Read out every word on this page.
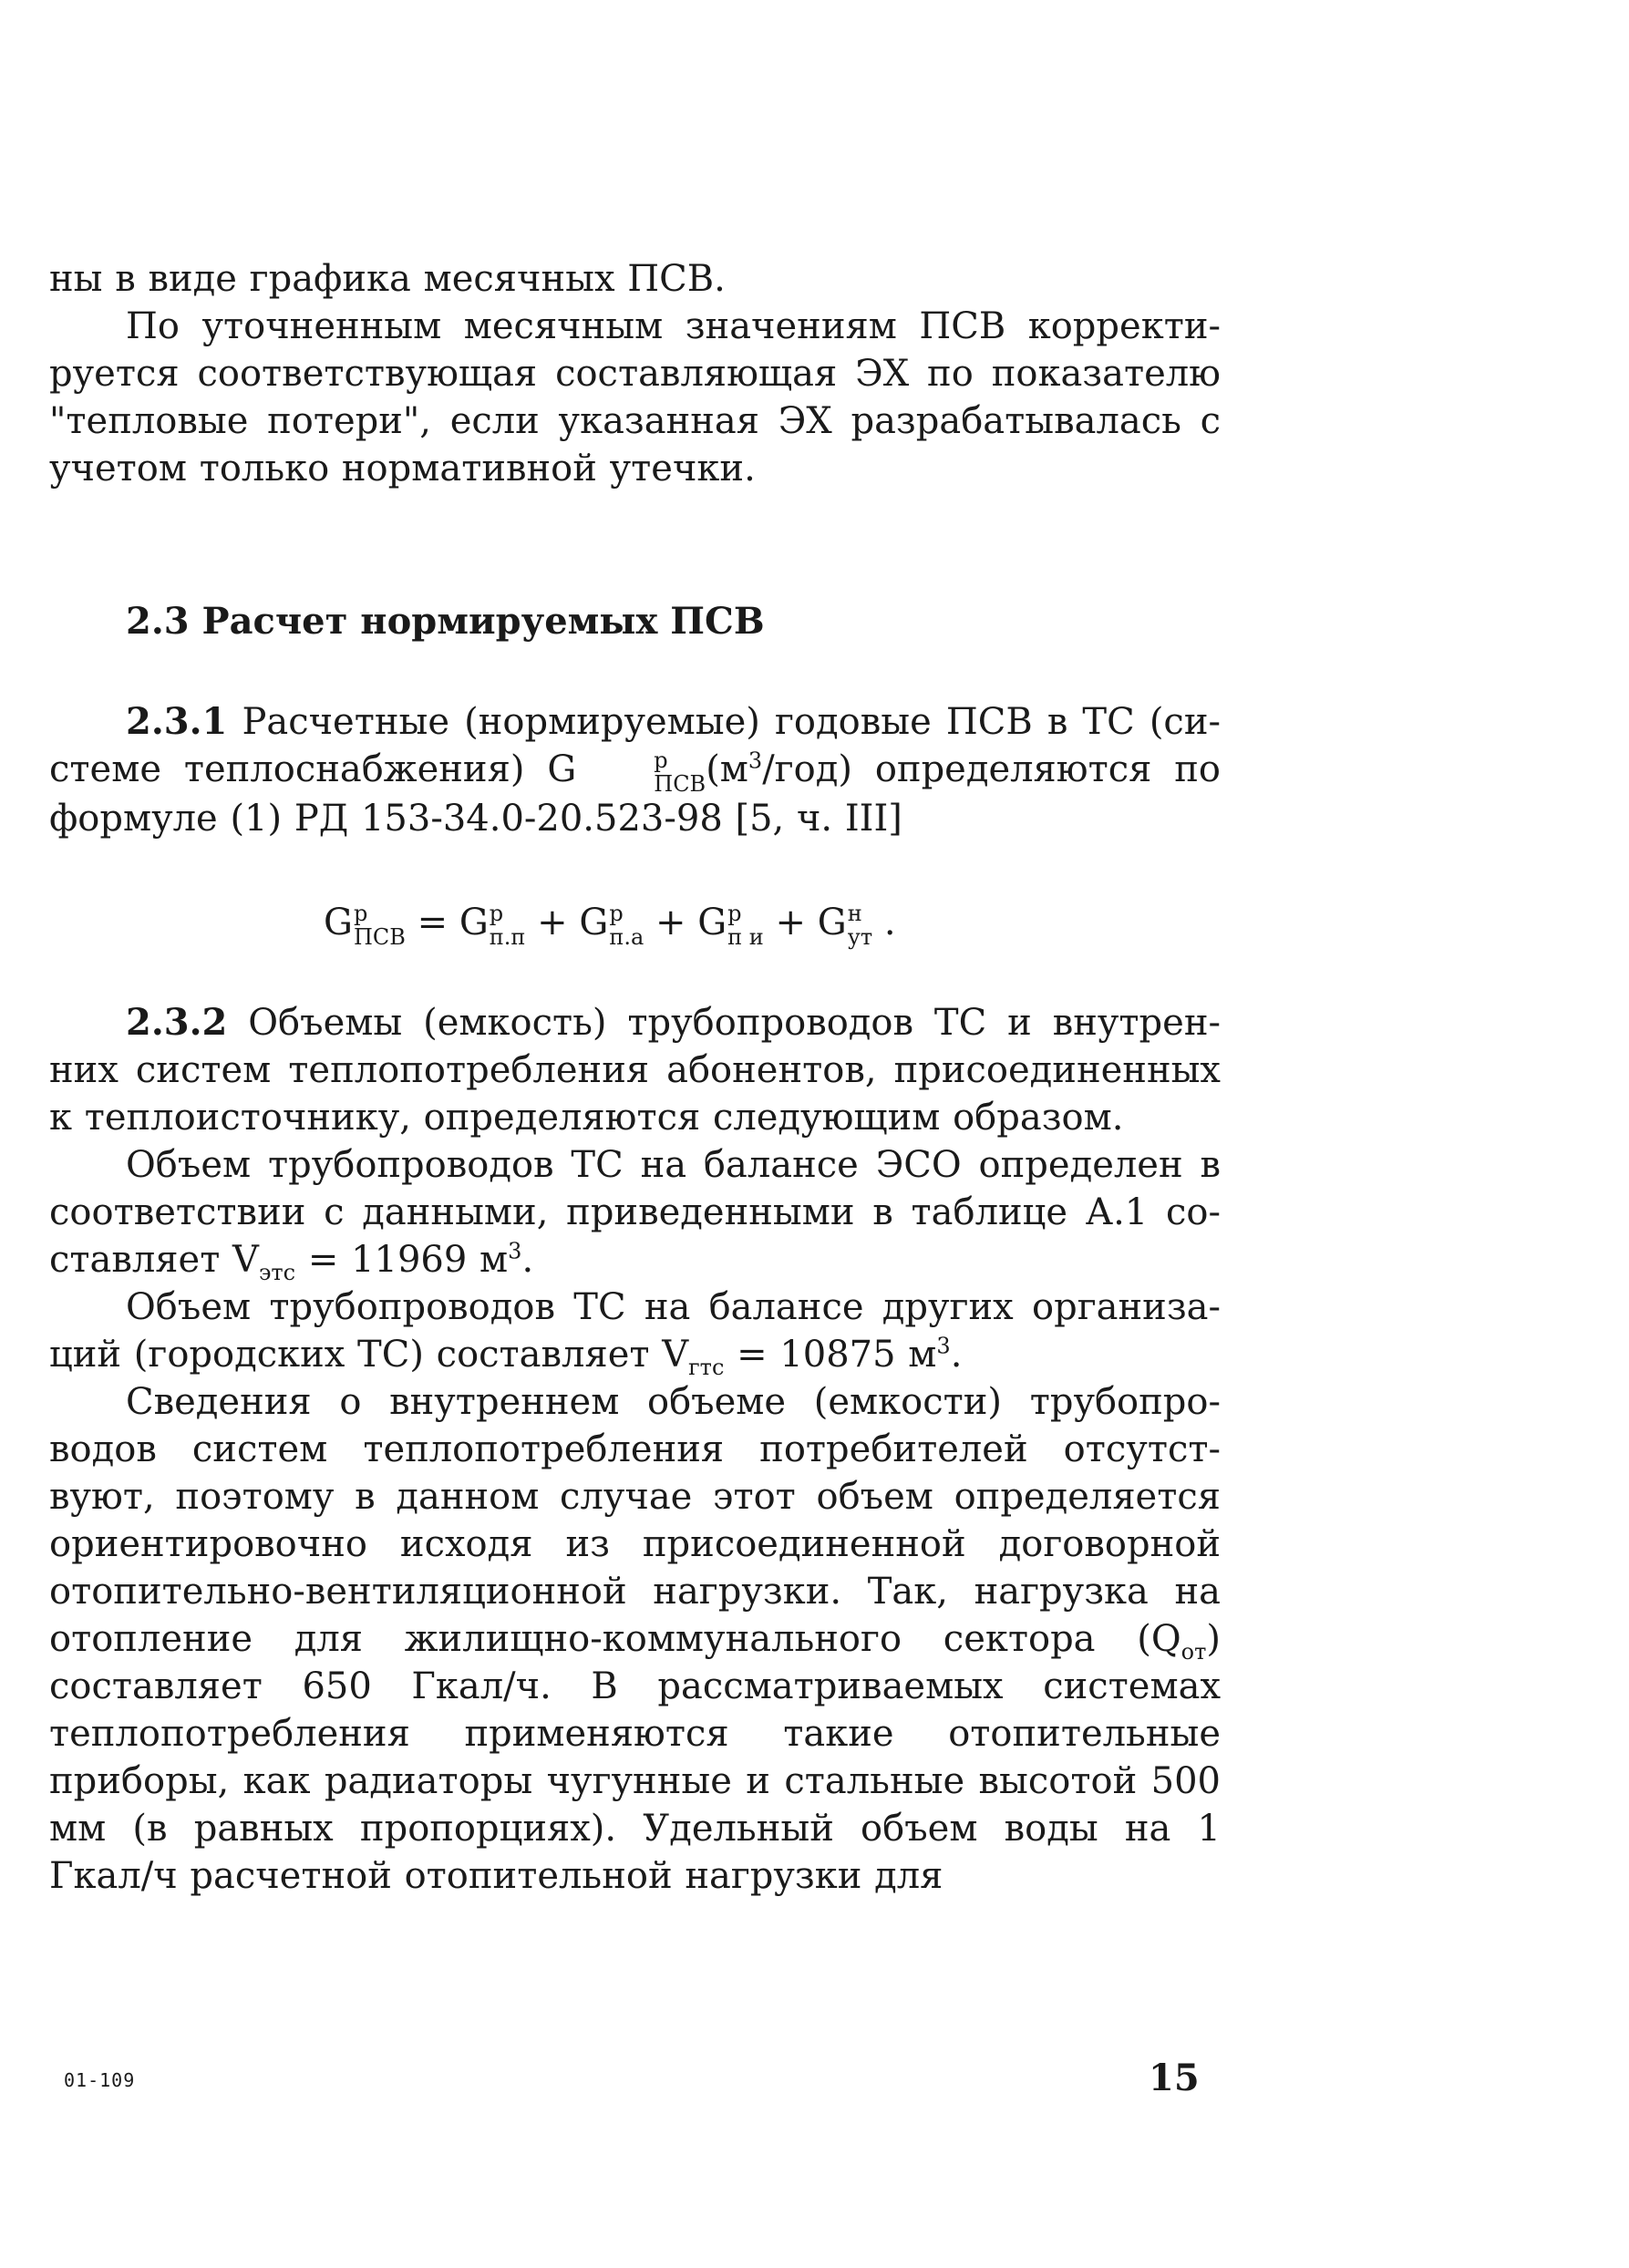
ны в виде графика месячных ПСВ.

По уточненным месячным значениям ПСВ корректируется соответствующая составляющая ЭХ по показателю "тепловые потери", если указанная ЭХ разрабатывалась с учетом только нормативной утечки.

2.3 Расчет нормируемых ПСВ

2.3.1 Расчетные (нормируемые) годовые ПСВ в ТС (системе теплоснабжения) G	p
ПСВ $(м^3/год)$ определяются по формуле (1) РД 153-34.0-20.523-98 [5, ч. III]

G p
ПСВ = G p
п.п + G p
п.а + G p
п и + G н
ут .

2.3.2 Объемы (емкость) трубопроводов ТС и внутренних систем теплопотребления абонентов, присоединенных к теплоисточнику, определяются следующим образом.

Объем трубопроводов ТС на балансе ЭСО определен в соответствии с данными, приведенными в таблице А.1 составляет $V_{этс} = 11969$ $м^3$.

Объем трубопроводов ТС на балансе других организаций (городских ТС) составляет $V_{гтс} = 10875$ $м^3$.

Сведения о внутреннем объеме (емкости) трубопроводов систем теплопотребления потребителей отсутствуют, поэтому в данном случае этот объем определяется ориентировочно исходя из присоединенной договорной отопительно-вентиляционной нагрузки. Так, нагрузка на отопление для жилищно-коммунального сектора $(Q_{от})$ составляет 650 Гкал/ч. В рассматриваемых системах теплопотребления применяются такие отопительные приборы, как радиаторы чугунные и стальные высотой 500 мм (в равных пропорциях). Удельный объем воды на 1 Гкал/ч расчетной отопительной нагрузки для

01-109	15
